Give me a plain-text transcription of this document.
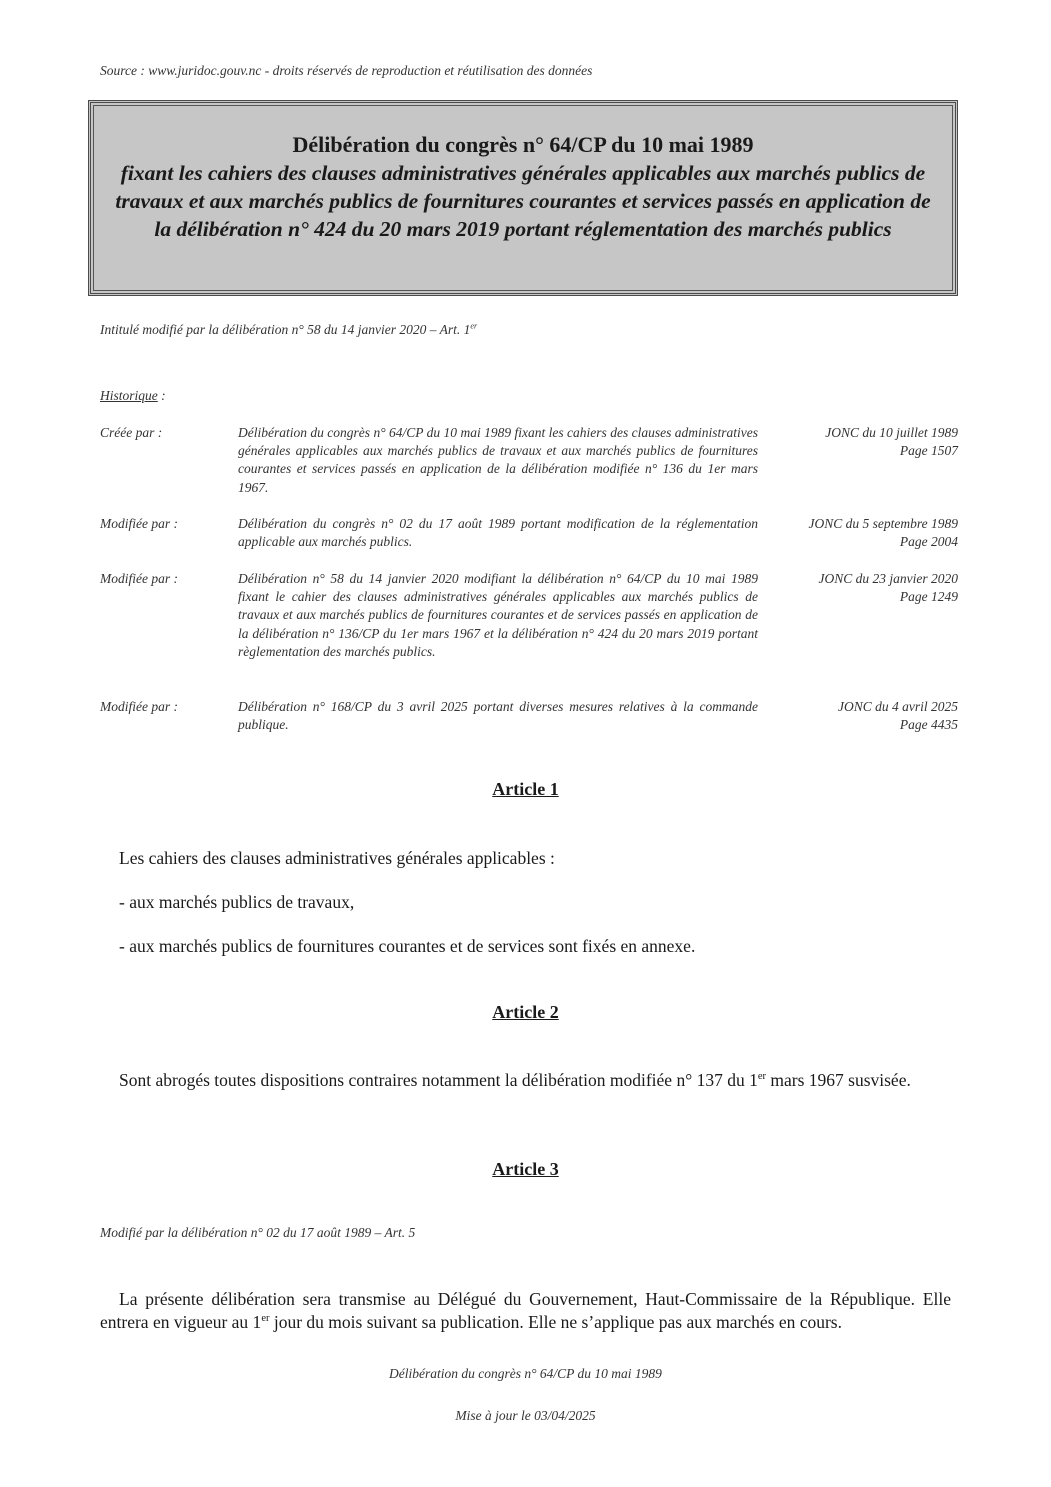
Source : www.juridoc.gouv.nc - droits réservés de reproduction et réutilisation des données
Délibération du congrès n° 64/CP du 10 mai 1989
fixant les cahiers des clauses administratives générales applicables aux marchés publics de travaux et aux marchés publics de fournitures courantes et services passés en application de la délibération n° 424 du 20 mars 2019 portant réglementation des marchés publics
Intitulé modifié par la délibération n° 58 du 14 janvier 2020 – Art. 1er
Historique :
Créée par :	Délibération du congrès n° 64/CP du 10 mai 1989 fixant les cahiers des clauses administratives générales applicables aux marchés publics de travaux et aux marchés publics de fournitures courantes et services passés en application de la délibération modifiée n° 136 du 1er mars 1967.
JONC du 10 juillet 1989
Page 1507
Modifiée par :	Délibération du congrès n° 02 du 17 août 1989 portant modification de la réglementation applicable aux marchés publics.
JONC du 5 septembre 1989
Page 2004
Modifiée par :	Délibération n° 58 du 14 janvier 2020 modifiant la délibération n° 64/CP du 10 mai 1989 fixant le cahier des clauses administratives générales applicables aux marchés publics de travaux et aux marchés publics de fournitures courantes et de services passés en application de la délibération n° 136/CP du 1er mars 1967 et la délibération n° 424 du 20 mars 2019 portant règlementation des marchés publics.
JONC du 23 janvier 2020
Page 1249
Modifiée par :	Délibération n° 168/CP du 3 avril 2025 portant diverses mesures relatives à la commande publique.
JONC du 4 avril 2025
Page 4435
Article 1
Les cahiers des clauses administratives générales applicables :
- aux marchés publics de travaux,
- aux marchés publics de fournitures courantes et de services sont fixés en annexe.
Article 2
Sont abrogés toutes dispositions contraires notamment la délibération modifiée n° 137 du 1er mars 1967 susvisée.
Article 3
Modifié par la délibération n° 02 du 17 août 1989 – Art. 5
La présente délibération sera transmise au Délégué du Gouvernement, Haut-Commissaire de la République. Elle entrera en vigueur au 1er jour du mois suivant sa publication. Elle ne s’applique pas aux marchés en cours.
Délibération du congrès n° 64/CP du 10 mai 1989
Mise à jour le 03/04/2025
